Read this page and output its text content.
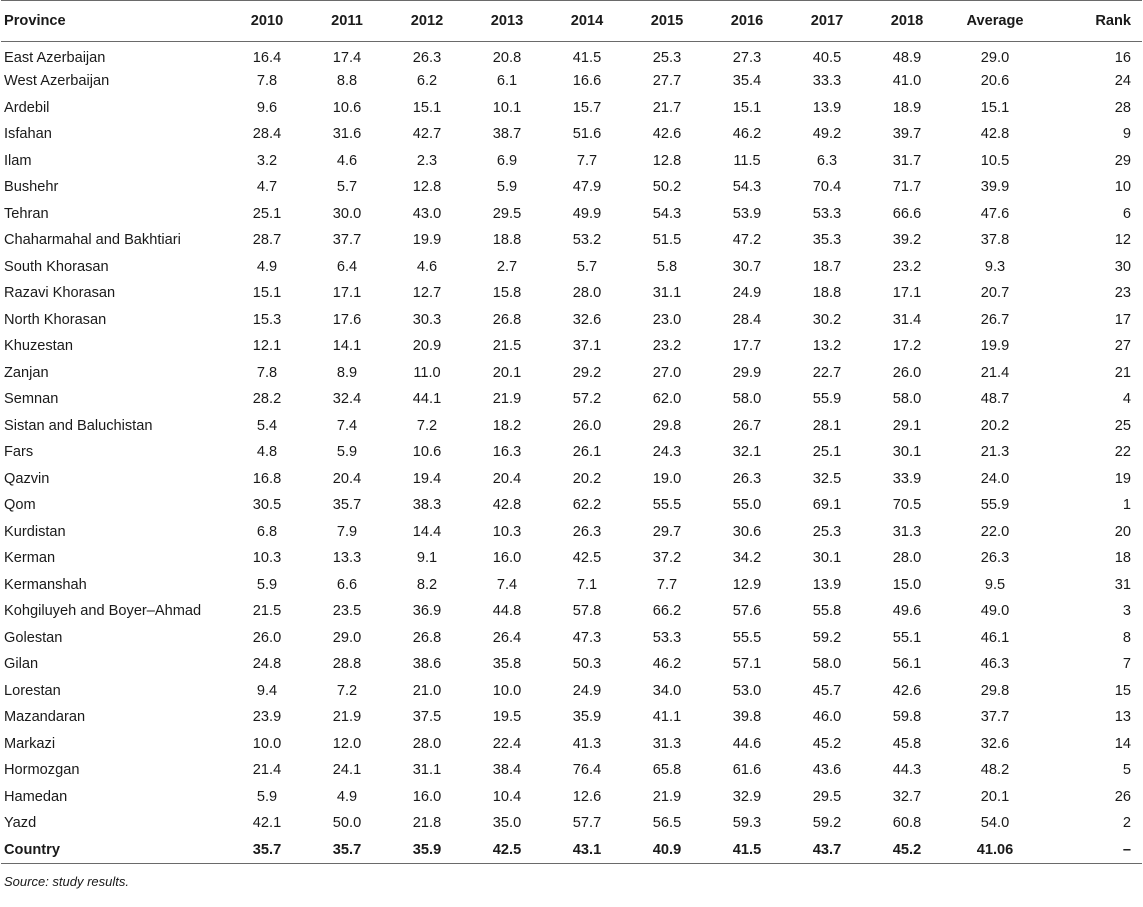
Province	2010	2011	2012	2013	2014	2015	2016	2017	2018	Average	Rank
East Azerbaijan	16.4	17.4	26.3	20.8	41.5	25.3	27.3	40.5	48.9	29.0	16
West Azerbaijan	7.8	8.8	6.2	6.1	16.6	27.7	35.4	33.3	41.0	20.6	24
Ardebil	9.6	10.6	15.1	10.1	15.7	21.7	15.1	13.9	18.9	15.1	28
Isfahan	28.4	31.6	42.7	38.7	51.6	42.6	46.2	49.2	39.7	42.8	9
Ilam	3.2	4.6	2.3	6.9	7.7	12.8	11.5	6.3	31.7	10.5	29
Bushehr	4.7	5.7	12.8	5.9	47.9	50.2	54.3	70.4	71.7	39.9	10
Tehran	25.1	30.0	43.0	29.5	49.9	54.3	53.9	53.3	66.6	47.6	6
Chaharmahal and Bakhtiari	28.7	37.7	19.9	18.8	53.2	51.5	47.2	35.3	39.2	37.8	12
South Khorasan	4.9	6.4	4.6	2.7	5.7	5.8	30.7	18.7	23.2	9.3	30
Razavi Khorasan	15.1	17.1	12.7	15.8	28.0	31.1	24.9	18.8	17.1	20.7	23
North Khorasan	15.3	17.6	30.3	26.8	32.6	23.0	28.4	30.2	31.4	26.7	17
Khuzestan	12.1	14.1	20.9	21.5	37.1	23.2	17.7	13.2	17.2	19.9	27
Zanjan	7.8	8.9	11.0	20.1	29.2	27.0	29.9	22.7	26.0	21.4	21
Semnan	28.2	32.4	44.1	21.9	57.2	62.0	58.0	55.9	58.0	48.7	4
Sistan and Baluchistan	5.4	7.4	7.2	18.2	26.0	29.8	26.7	28.1	29.1	20.2	25
Fars	4.8	5.9	10.6	16.3	26.1	24.3	32.1	25.1	30.1	21.3	22
Qazvin	16.8	20.4	19.4	20.4	20.2	19.0	26.3	32.5	33.9	24.0	19
Qom	30.5	35.7	38.3	42.8	62.2	55.5	55.0	69.1	70.5	55.9	1
Kurdistan	6.8	7.9	14.4	10.3	26.3	29.7	30.6	25.3	31.3	22.0	20
Kerman	10.3	13.3	9.1	16.0	42.5	37.2	34.2	30.1	28.0	26.3	18
Kermanshah	5.9	6.6	8.2	7.4	7.1	7.7	12.9	13.9	15.0	9.5	31
Kohgiluyeh and Boyer–Ahmad	21.5	23.5	36.9	44.8	57.8	66.2	57.6	55.8	49.6	49.0	3
Golestan	26.0	29.0	26.8	26.4	47.3	53.3	55.5	59.2	55.1	46.1	8
Gilan	24.8	28.8	38.6	35.8	50.3	46.2	57.1	58.0	56.1	46.3	7
Lorestan	9.4	7.2	21.0	10.0	24.9	34.0	53.0	45.7	42.6	29.8	15
Mazandaran	23.9	21.9	37.5	19.5	35.9	41.1	39.8	46.0	59.8	37.7	13
Markazi	10.0	12.0	28.0	22.4	41.3	31.3	44.6	45.2	45.8	32.6	14
Hormozgan	21.4	24.1	31.1	38.4	76.4	65.8	61.6	43.6	44.3	48.2	5
Hamedan	5.9	4.9	16.0	10.4	12.6	21.9	32.9	29.5	32.7	20.1	26
Yazd	42.1	50.0	21.8	35.0	57.7	56.5	59.3	59.2	60.8	54.0	2
Country	35.7	35.7	35.9	42.5	43.1	40.9	41.5	43.7	45.2	41.06	–
Source: study results.
